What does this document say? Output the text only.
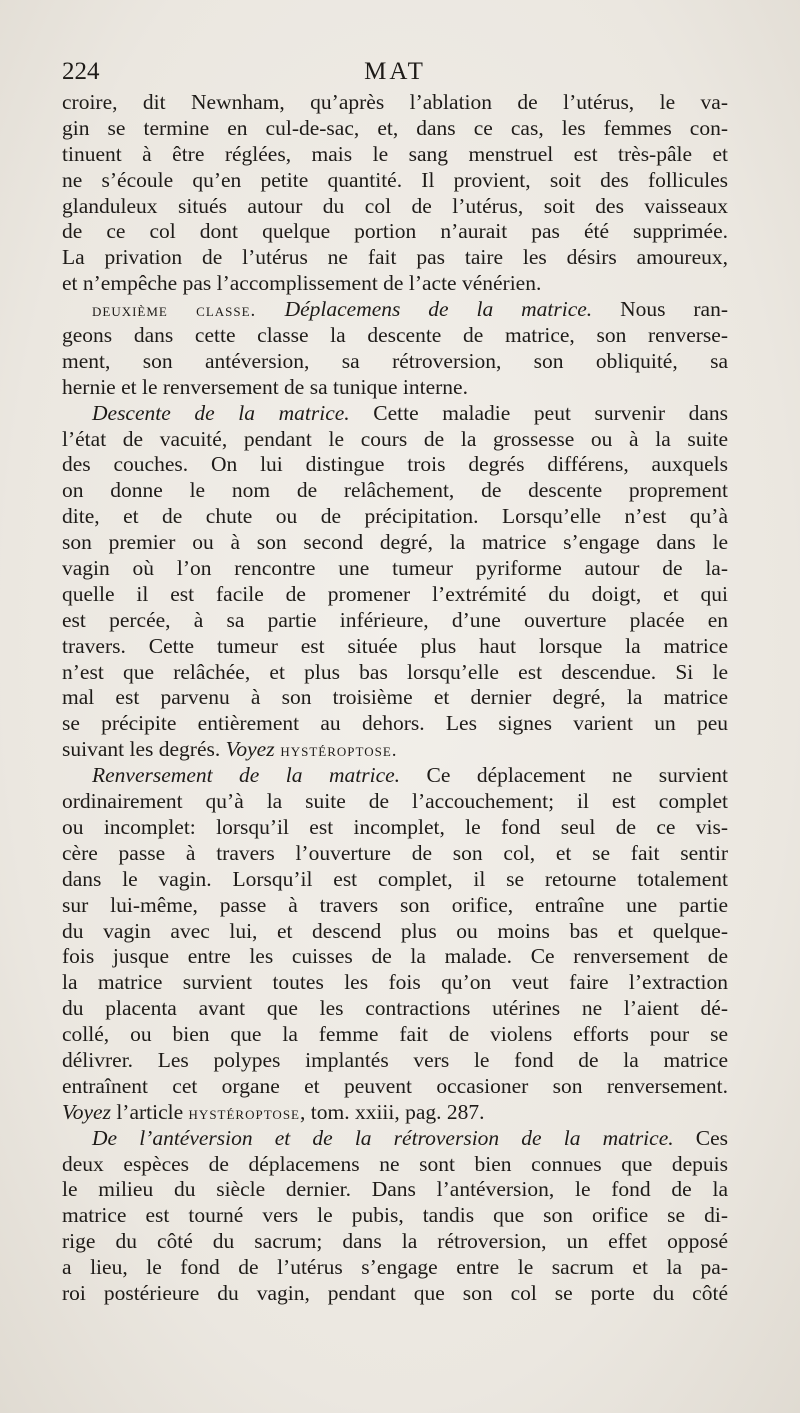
224	MAT
croire, dit Newnham, qu’après l’ablation de l’utérus, le va-
gin se termine en cul-de-sac, et, dans ce cas, les femmes con-
tinuent à être réglées, mais le sang menstruel est très-pâle et
ne s’écoule qu’en petite quantité. Il provient, soit des follicules
glanduleux situés autour du col de l’utérus, soit des vaisseaux
de ce col dont quelque portion n’aurait pas été supprimée.
La privation de l’utérus ne fait pas taire les désirs amoureux,
et n’empêche pas l’accomplissement de l’acte vénérien.
deuxième classe. Déplacemens de la matrice. Nous ran-
geons dans cette classe la descente de matrice, son renverse-
ment, son antéversion, sa rétroversion, son obliquité, sa
hernie et le renversement de sa tunique interne.
Descente de la matrice. Cette maladie peut survenir dans
l’état de vacuité, pendant le cours de la grossesse ou à la suite
des couches. On lui distingue trois degrés différens, auxquels
on donne le nom de relâchement, de descente proprement
dite, et de chute ou de précipitation. Lorsqu’elle n’est qu’à
son premier ou à son second degré, la matrice s’engage dans le
vagin où l’on rencontre une tumeur pyriforme autour de la-
quelle il est facile de promener l’extrémité du doigt, et qui
est percée, à sa partie inférieure, d’une ouverture placée en
travers. Cette tumeur est située plus haut lorsque la matrice
n’est que relâchée, et plus bas lorsqu’elle est descendue. Si le
mal est parvenu à son troisième et dernier degré, la matrice
se précipite entièrement au dehors. Les signes varient un peu
suivant les degrés. Voyez hystéroptose.
Renversement de la matrice. Ce déplacement ne survient
ordinairement qu’à la suite de l’accouchement; il est complet
ou incomplet: lorsqu’il est incomplet, le fond seul de ce vis-
cère passe à travers l’ouverture de son col, et se fait sentir
dans le vagin. Lorsqu’il est complet, il se retourne totalement
sur lui-même, passe à travers son orifice, entraîne une partie
du vagin avec lui, et descend plus ou moins bas et quelque-
fois jusque entre les cuisses de la malade. Ce renversement de
la matrice survient toutes les fois qu’on veut faire l’extraction
du placenta avant que les contractions utérines ne l’aient dé-
collé, ou bien que la femme fait de violens efforts pour se
délivrer. Les polypes implantés vers le fond de la matrice
entraînent cet organe et peuvent occasioner son renversement.
Voyez l’article hystéroptose, tom. xxiii, pag. 287.
De l’antéversion et de la rétroversion de la matrice. Ces
deux espèces de déplacemens ne sont bien connues que depuis
le milieu du siècle dernier. Dans l’antéversion, le fond de la
matrice est tourné vers le pubis, tandis que son orifice se di-
rige du côté du sacrum; dans la rétroversion, un effet opposé
a lieu, le fond de l’utérus s’engage entre le sacrum et la pa-
roi postérieure du vagin, pendant que son col se porte du côté
